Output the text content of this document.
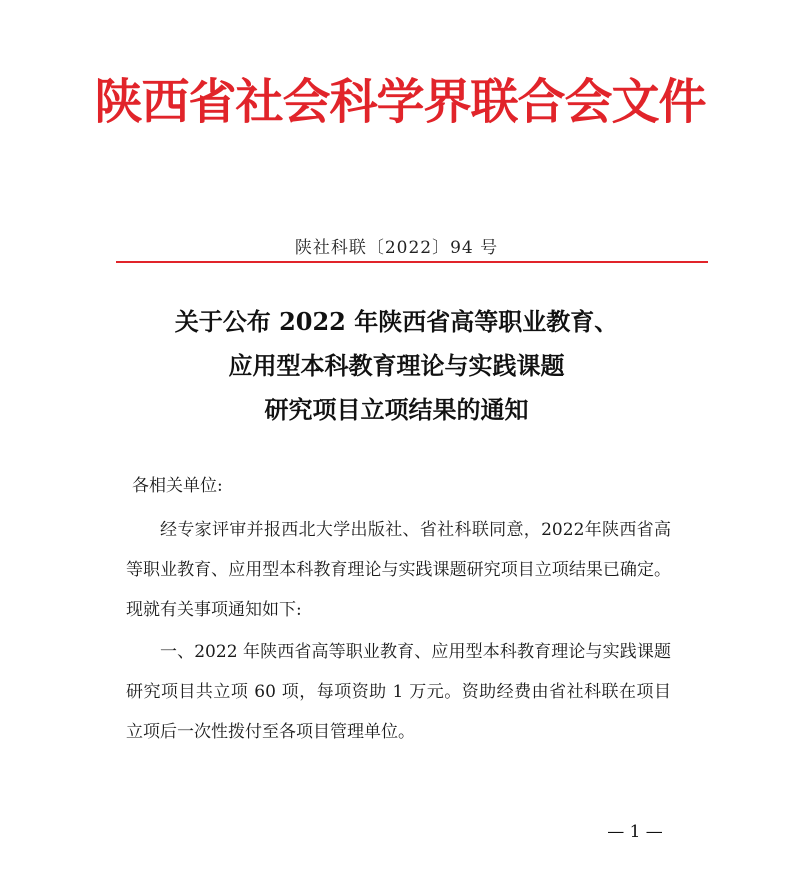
陕西省社会科学界联合会文件
陕社科联〔2022〕94 号
关于公布 2022 年陕西省高等职业教育、
应用型本科教育理论与实践课题
研究项目立项结果的通知
各相关单位:
经专家评审并报西北大学出版社、省社科联同意，2022年陕西省高等职业教育、应用型本科教育理论与实践课题研究项目立项结果已确定。现就有关事项通知如下:
一、2022 年陕西省高等职业教育、应用型本科教育理论与实践课题研究项目共立项 60 项，每项资助 1 万元。资助经费由省社科联在项目立项后一次性拨付至各项目管理单位。
— 1 —
